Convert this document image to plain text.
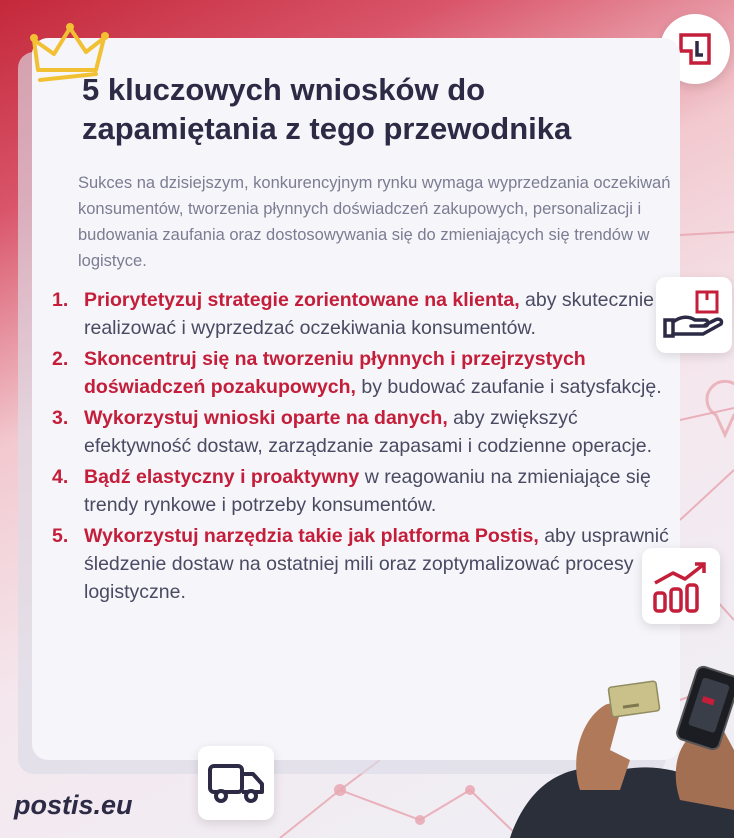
5 kluczowych wniosków do zapamiętania z tego przewodnika

Sukces na dzisiejszym, konkurencyjnym rynku wymaga wyprzedzania oczekiwań konsumentów, tworzenia płynnych doświadczeń zakupowych, personalizacji i budowania zaufania oraz dostosowywania się do zmieniających się trendów w logistyce.

1. Priorytetyzuj strategie zorientowane na klienta, aby skutecznie realizować i wyprzedzać oczekiwania konsumentów.
2. Skoncentruj się na tworzeniu płynnych i przejrzystych doświadczeń pozakupowych, by budować zaufanie i satysfakcję.
3. Wykorzystuj wnioski oparte na danych, aby zwiększyć efektywność dostaw, zarządzanie zapasami i codzienne operacje.
4. Bądź elastyczny i proaktywny w reagowaniu na zmieniające się trendy rynkowe i potrzeby konsumentów.
5. Wykorzystuj narzędzia takie jak platforma Postis, aby usprawnić śledzenie dostaw na ostatniej mili oraz zoptymalizować procesy logistyczne.

postis.eu
